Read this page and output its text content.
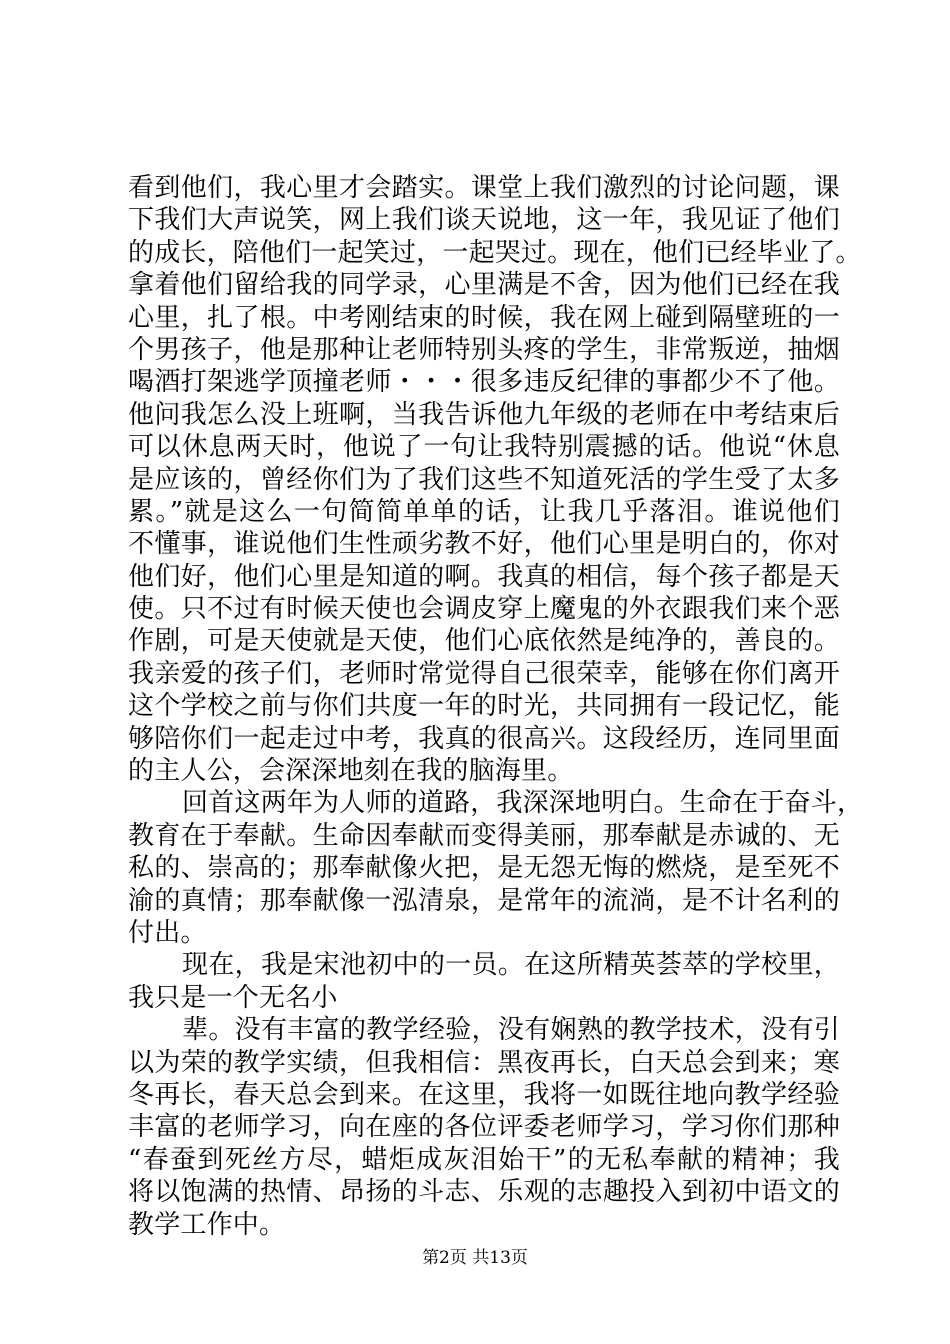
看到他们，我心里才会踏实。课堂上我们激烈的讨论问题，课
下我们大声说笑，网上我们谈天说地，这一年，我见证了他们
的成长，陪他们一起笑过，一起哭过。现在，他们已经毕业了。
拿着他们留给我的同学录，心里满是不舍，因为他们已经在我
心里，扎了根。中考刚结束的时候，我在网上碰到隔壁班的一
个男孩子，他是那种让老师特别头疼的学生，非常叛逆，抽烟
喝酒打架逃学顶撞老师・・・很多违反纪律的事都少不了他。
他问我怎么没上班啊，当我告诉他九年级的老师在中考结束后
可以休息两天时，他说了一句让我特别震撼的话。他说“休息
是应该的，曾经你们为了我们这些不知道死活的学生受了太多
累。”就是这么一句简简单单的话，让我几乎落泪。谁说他们
不懂事，谁说他们生性顽劣教不好，他们心里是明白的，你对
他们好，他们心里是知道的啊。我真的相信，每个孩子都是天
使。只不过有时候天使也会调皮穿上魔鬼的外衣跟我们来个恶
作剧，可是天使就是天使，他们心底依然是纯净的，善良的。
我亲爱的孩子们，老师时常觉得自己很荣幸，能够在你们离开
这个学校之前与你们共度一年的时光，共同拥有一段记忆，能
够陪你们一起走过中考，我真的很高兴。这段经历，连同里面
的主人公，会深深地刻在我的脑海里。
回首这两年为人师的道路，我深深地明白。生命在于奋斗，
教育在于奉献。生命因奉献而变得美丽，那奉献是赤诚的、无
私的、崇高的；那奉献像火把，是无怨无悔的燃烧，是至死不
渝的真情；那奉献像一泓清泉，是常年的流淌，是不计名利的
付出。
现在，我是宋池初中的一员。在这所精英荟萃的学校里，
我只是一个无名小
辈。没有丰富的教学经验，没有娴熟的教学技术，没有引
以为荣的教学实绩，但我相信：黑夜再长，白天总会到来；寒
冬再长，春天总会到来。在这里，我将一如既往地向教学经验
丰富的老师学习，向在座的各位评委老师学习，学习你们那种
“春蚕到死丝方尽，蜡炬成灰泪始干”的无私奉献的精神；我
将以饱满的热情、昂扬的斗志、乐观的志趣投入到初中语文的
教学工作中。
第2页 共13页
